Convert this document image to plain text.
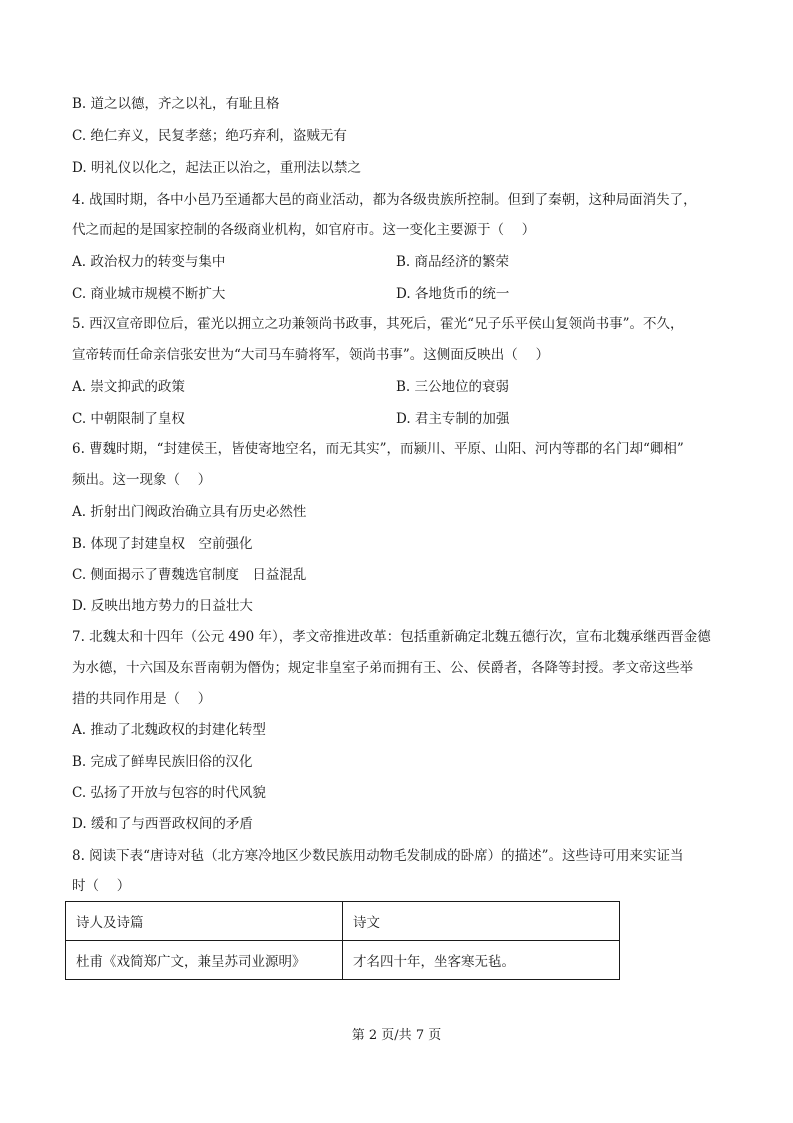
B. 道之以德，齐之以礼，有耻且格
C. 绝仁弃义，民复孝慈；绝巧弃利，盗贼无有
D. 明礼仪以化之，起法正以治之，重刑法以禁之
4. 战国时期，各中小邑乃至通都大邑的商业活动，都为各级贵族所控制。但到了秦朝，这种局面消失了，
代之而起的是国家控制的各级商业机构，如官府市。这一变化主要源于（　 ）
A. 政治权力的转变与集中	B. 商品经济的繁荣
C. 商业城市规模不断扩大	D. 各地货币的统一
5. 西汉宣帝即位后，霍光以拥立之功兼领尚书政事，其死后，霍光“兄子乐平侯山复领尚书事”。不久，
宣帝转而任命亲信张安世为“大司马车骑将军，领尚书事”。这侧面反映出（　 ）
A. 崇文抑武的政策	B. 三公地位的衰弱
C. 中朝限制了皇权	D. 君主专制的加强
6. 曹魏时期，“封建侯王，皆使寄地空名，而无其实”，而颍川、平原、山阳、河内等郡的名门却“卿相”
频出。这一现象（　 ）
A. 折射出门阀政治确立具有历史必然性
B. 体现了封建皇权　空前强化
C. 侧面揭示了曹魏选官制度　日益混乱
D. 反映出地方势力的日益壮大
7. 北魏太和十四年（公元 490 年），孝文帝推进改革：包括重新确定北魏五德行次，宣布北魏承继西晋金德
为水德，十六国及东晋南朝为僭伪；规定非皇室子弟而拥有王、公、侯爵者，各降等封授。孝文帝这些举
措的共同作用是（　 ）
A. 推动了北魏政权的封建化转型
B. 完成了鲜卑民族旧俗的汉化
C. 弘扬了开放与包容的时代风貌
D. 缓和了与西晋政权间的矛盾
8. 阅读下表“唐诗对毡（北方寒冷地区少数民族用动物毛发制成的卧席）的描述”。这些诗可用来实证当
时（　 ）
诗人及诗篇	诗文
杜甫《戏简郑广文，兼呈苏司业源明》	才名四十年，坐客寒无毡。
第 2 页/共 7 页
